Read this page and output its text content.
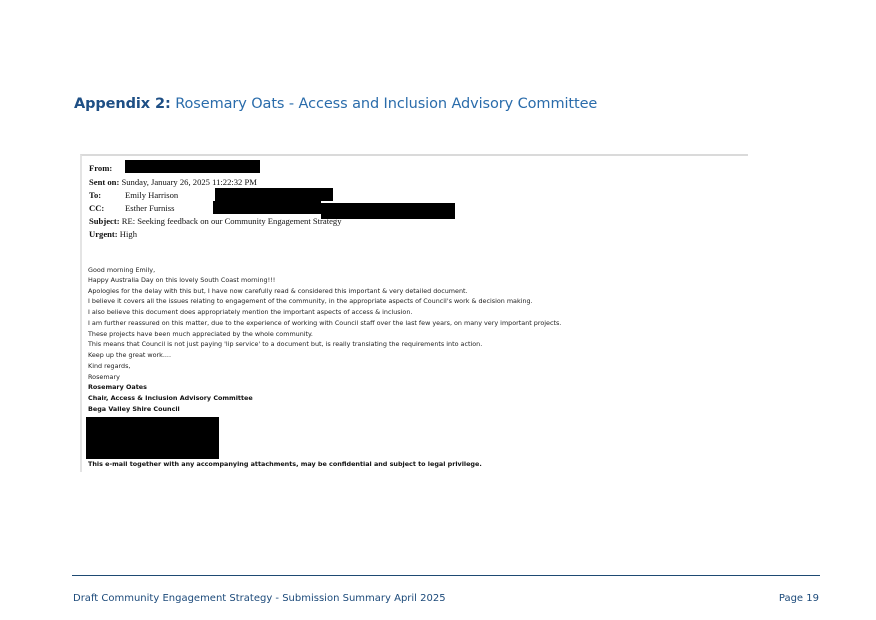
Appendix 2: Rosemary Oats - Access and Inclusion Advisory Committee
From:
Sent on: Sunday, January 26, 2025 11:22:32 PM
To:	Emily Harrison
CC: Esther Furniss
Subject: RE: Seeking feedback on our Community Engagement Strategy
Urgent: High
Good morning Emily,
Happy Australia Day on this lovely South Coast morning!!!
Apologies for the delay with this but, I have now carefully read & considered this important & very detailed document.
I believe it covers all the issues relating to engagement of the community, in the appropriate aspects of Council's work & decision making.
I also believe this document does appropriately mention the important aspects of access & inclusion.
I am further reassured on this matter, due to the experience of working with Council staff over the last few years, on many very important projects.
These projects have been much appreciated by the whole community.
This means that Council is not just paying 'lip service' to a document but, is really translating the requirements into action.
Keep up the great work....
Kind regards,
Rosemary
Rosemary Oates
Chair, Access & Inclusion Advisory Committee
Bega Valley Shire Council
This e-mail together with any accompanying attachments, may be confidential and subject to legal privilege.
Draft Community Engagement Strategy - Submission Summary April 2025	Page 19
